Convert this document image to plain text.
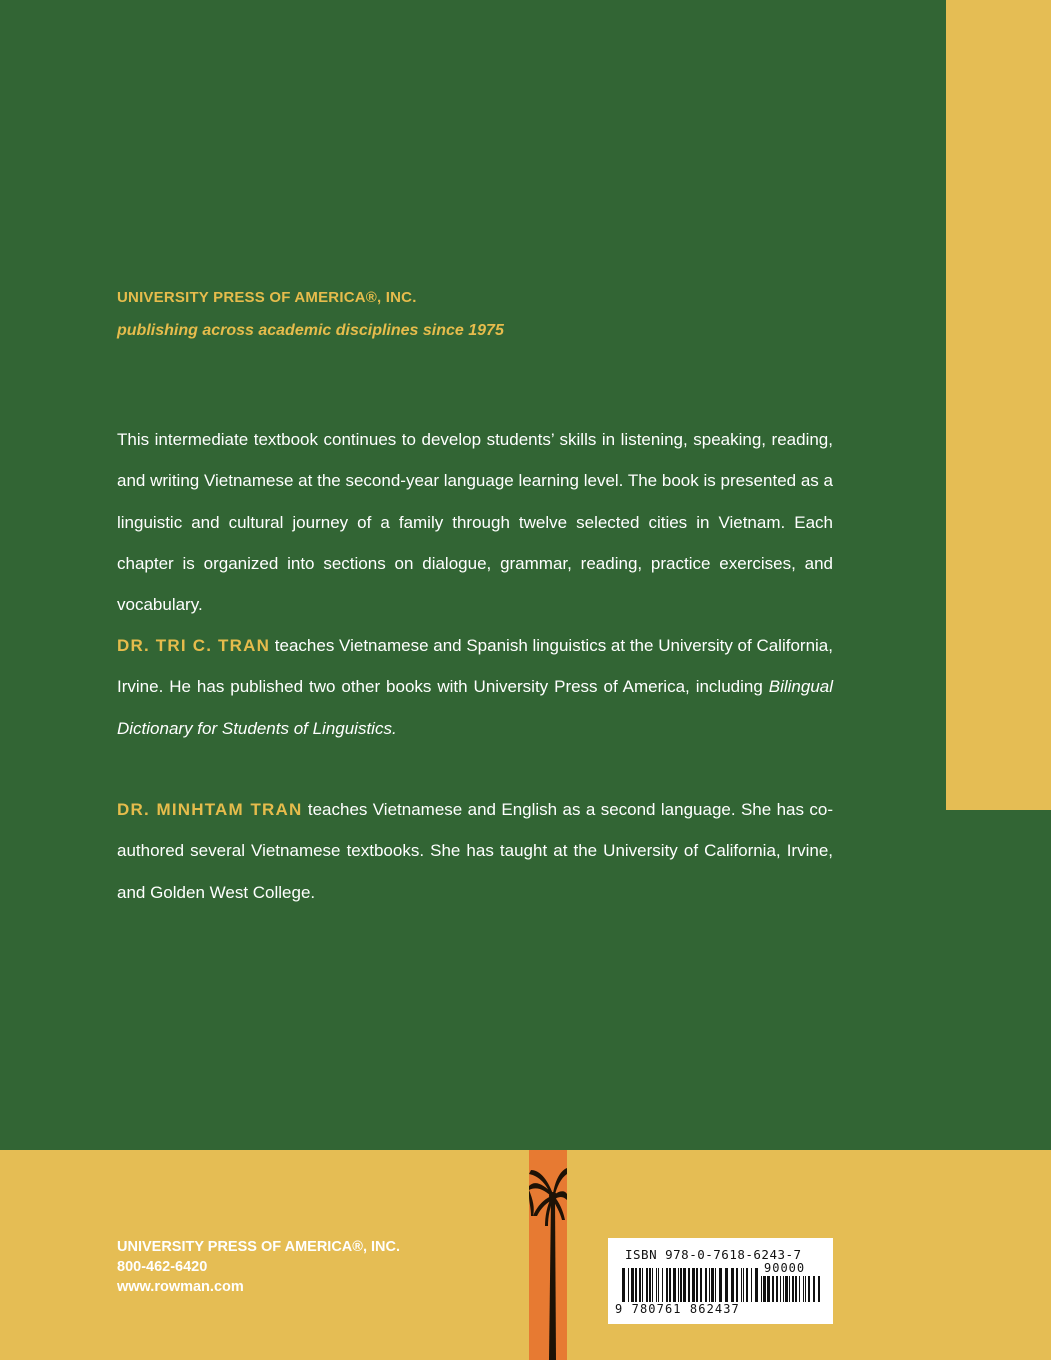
UNIVERSITY PRESS OF AMERICA®, INC.
publishing across academic disciplines since 1975
This intermediate textbook continues to develop students’ skills in listening, speaking, reading, and writing Vietnamese at the second-year language learning level. The book is presented as a linguistic and cultural journey of a family through twelve selected cities in Vietnam. Each chapter is organized into sections on dialogue, grammar, reading, practice exercises, and vocabulary.
DR. TRI C. TRAN teaches Vietnamese and Spanish linguistics at the University of California, Irvine. He has published two other books with University Press of America, including Bilingual Dictionary for Students of Linguistics.
DR. MINHTAM TRAN teaches Vietnamese and English as a second language. She has co-authored several Vietnamese textbooks. She has taught at the University of California, Irvine, and Golden West College.
UNIVERSITY PRESS OF AMERICA®, INC.
800-462-6420
www.rowman.com
ISBN 978-0-7618-6243-7
90000
9 780761 862437
